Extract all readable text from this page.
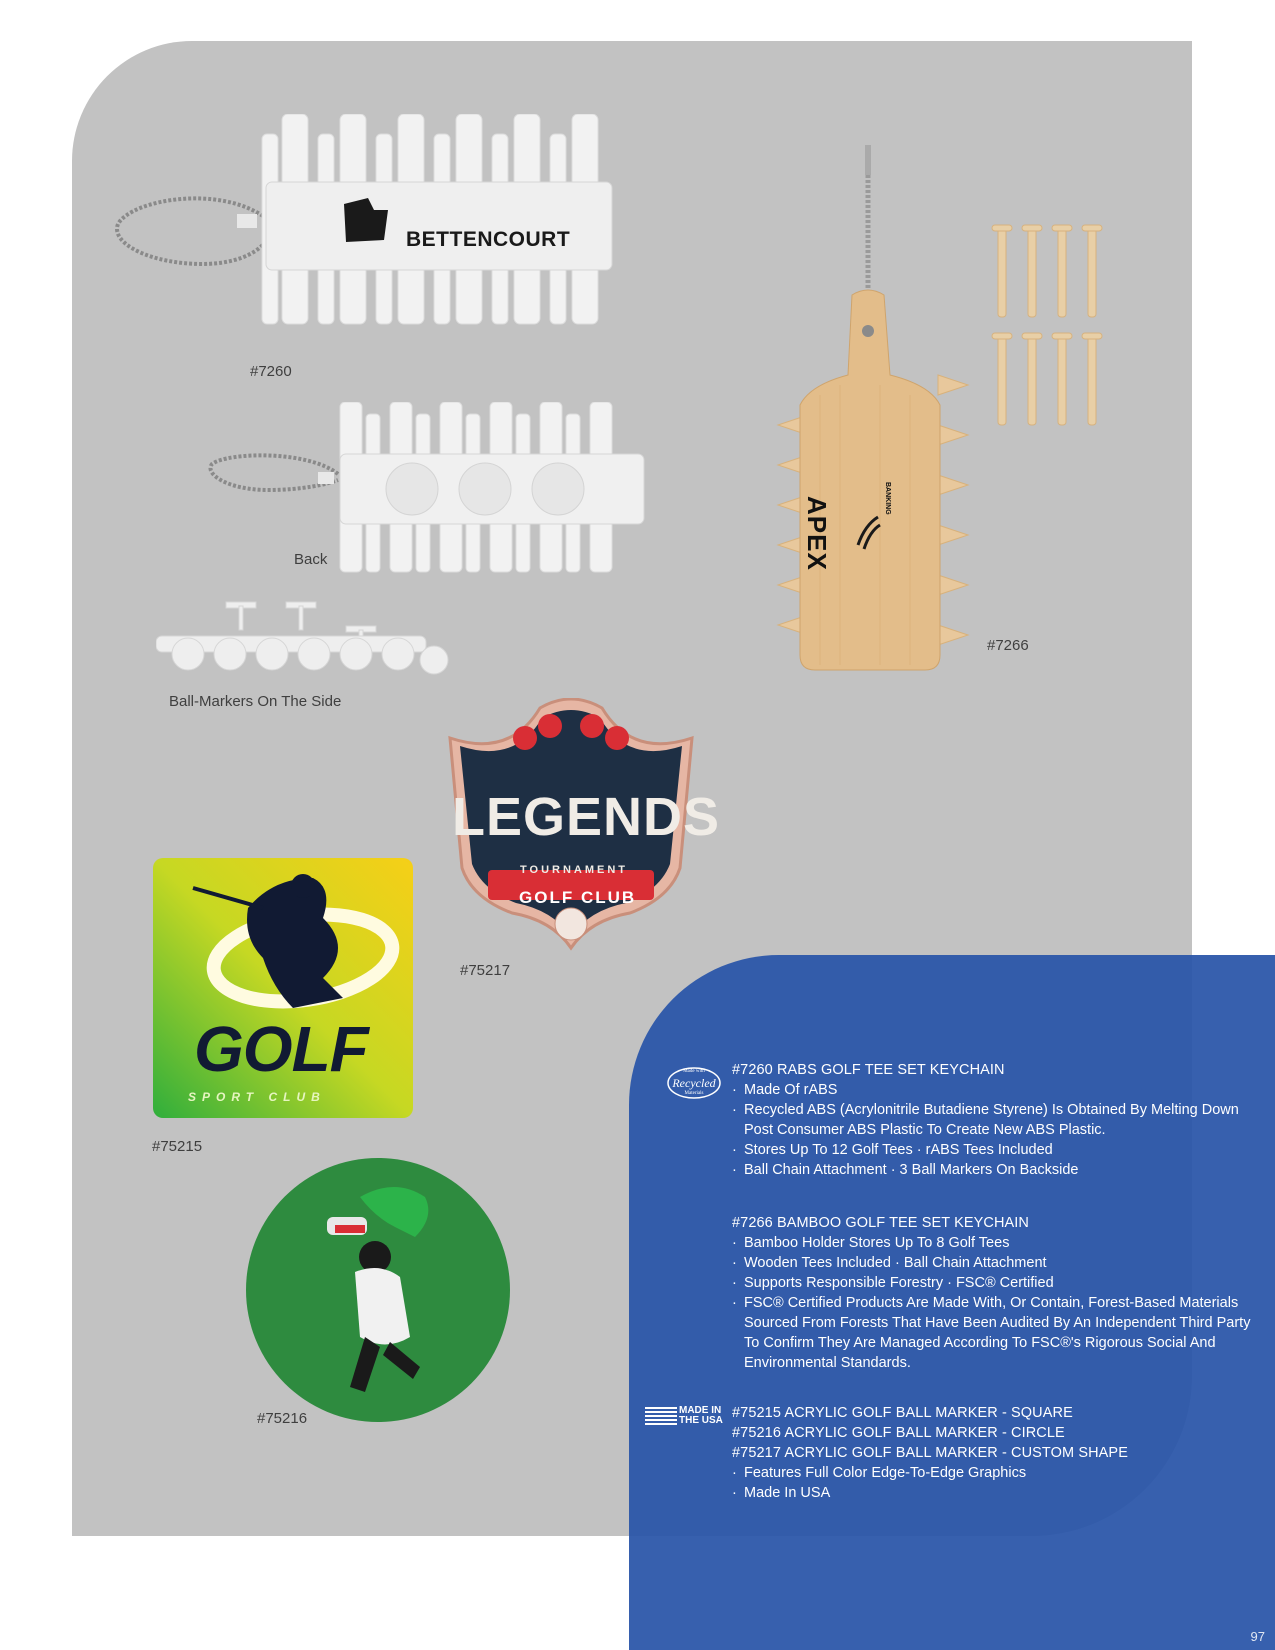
BETTENCOURT
#7260
Back
Ball-Markers On The Side
APEX	BANKING
#7266
LEGENDS
TOURNAMENT
GOLF CLUB
#75217
GOLF
SPORT CLUB
#75215
#75216
Made with
Recycled
Materials
#7260 RABS GOLF TEE SET KEYCHAIN
· Made Of rABS
· Recycled ABS (Acrylonitrile Butadiene Styrene) Is Obtained By Melting Down Post Consumer ABS Plastic To Create New ABS Plastic.
· Stores Up To 12 Golf Tees · rABS Tees Included
· Ball Chain Attachment · 3 Ball Markers On Backside
#7266 BAMBOO GOLF TEE SET KEYCHAIN
· Bamboo Holder Stores Up To 8 Golf Tees
· Wooden Tees Included · Ball Chain Attachment
· Supports Responsible Forestry · FSC® Certified
· FSC® Certified Products Are Made With, Or Contain, Forest-Based Materials Sourced From Forests That Have Been Audited By An Independent Third Party To Confirm They Are Managed According To FSC®'s Rigorous Social And Environmental Standards.
MADE IN
THE USA #75215 ACRYLIC GOLF BALL MARKER - SQUARE
#75216 ACRYLIC GOLF BALL MARKER - CIRCLE
#75217 ACRYLIC GOLF BALL MARKER - CUSTOM SHAPE
· Features Full Color Edge-To-Edge Graphics
· Made In USA
97
